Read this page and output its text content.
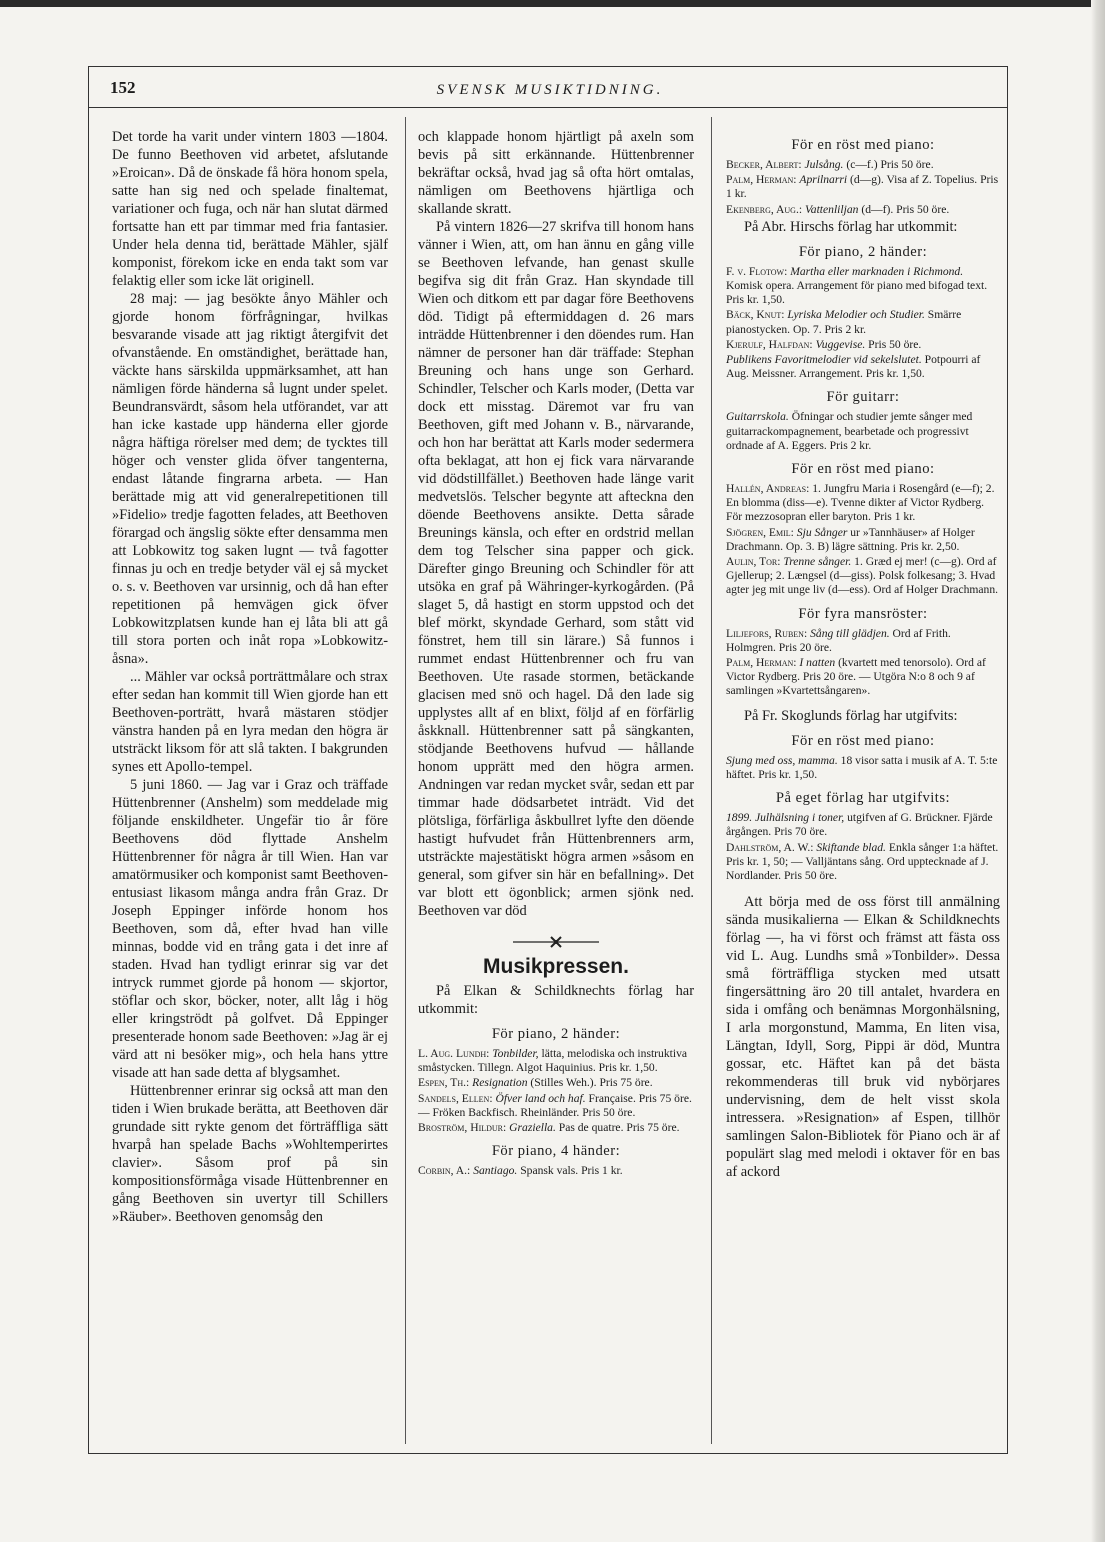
152	SVENSK MUSIKTIDNING.

Det torde ha varit under vintern 1803 —1804. De funno Beethoven vid arbetet, afslutande »Eroican». Då de önskade få höra honom spela, satte han sig ned och spelade finaltemat, variationer och fuga, och när han slutat därmed fortsatte han ett par timmar med fria fantasier. Under hela denna tid, berättade Mähler, själf komponist, förekom icke en enda takt som var felaktig eller som icke lät originell.

28 maj: — jag besökte ånyo Mähler och gjorde honom förfrågningar, hvilkas besvarande visade att jag riktigt återgifvit det ofvanstående. En omständighet, berättade han, väckte hans särskilda uppmärksamhet, att han nämligen förde händerna så lugnt under spelet. Beundransvärdt, såsom hela utförandet, var att han icke kastade upp händerna eller gjorde några häftiga rörelser med dem; de tycktes till höger och venster glida öfver tangenterna, endast låtande fingrarna arbeta. — Han berättade mig att vid generalrepetitionen till »Fidelio» tredje fagotten felades, att Beethoven förargad och ängslig sökte efter densamma men att Lobkowitz tog saken lugnt — två fagotter finnas ju och en tredje betyder väl ej så mycket o. s. v. Beethoven var ursinnig, och då han efter repetitionen på hemvägen gick öfver Lobkowitzplatsen kunde han ej låta bli att gå till stora porten och inåt ropa »Lobkowitz-åsna».

... Mähler var också porträttmålare och strax efter sedan han kommit till Wien gjorde han ett Beethoven-porträtt, hvarå mästaren stödjer vänstra handen på en lyra medan den högra är utsträckt liksom för att slå takten. I bakgrunden synes ett Apollo-tempel.

5 juni 1860. — Jag var i Graz och träffade Hüttenbrenner (Anshelm) som meddelade mig följande enskildheter. Ungefär tio år före Beethovens död flyttade Anshelm Hüttenbrenner för några år till Wien. Han var amatörmusiker och komponist samt Beethoven-entusiast likasom många andra från Graz. Dr Joseph Eppinger införde honom hos Beethoven, som då, efter hvad han ville minnas, bodde vid en trång gata i det inre af staden. Hvad han tydligt erinrar sig var det intryck rummet gjorde på honom — skjortor, stöflar och skor, böcker, noter, allt låg i hög eller kringströdt på golfvet. Då Eppinger presenterade honom sade Beethoven: »Jag är ej värd att ni besöker mig», och hela hans yttre visade att han sade detta af blygsamhet.

Hüttenbrenner erinrar sig också att man den tiden i Wien brukade berätta, att Beethoven där grundade sitt rykte genom det förträffliga sätt hvarpå han spelade Bachs »Wohltemperirtes clavier». Såsom prof på sin kompositionsförmåga visade Hüttenbrenner en gång Beethoven sin uvertyr till Schillers »Räuber». Beethoven genomsåg den

och klappade honom hjärtligt på axeln som bevis på sitt erkännande. Hüttenbrenner bekräftar också, hvad jag så ofta hört omtalas, nämligen om Beethovens hjärtliga och skallande skratt.

På vintern 1826—27 skrifva till honom hans vänner i Wien, att, om han ännu en gång ville se Beethoven lefvande, han genast skulle begifva sig dit från Graz. Han skyndade till Wien och ditkom ett par dagar före Beethovens död. Tidigt på eftermiddagen d. 26 mars inträdde Hüttenbrenner i den döendes rum. Han nämner de personer han där träffade: Stephan Breuning och hans unge son Gerhard. Schindler, Telscher och Karls moder, (Detta var dock ett misstag. Däremot var fru van Beethoven, gift med Johann v. B., närvarande, och hon har berättat att Karls moder sedermera ofta beklagat, att hon ej fick vara närvarande vid dödstillfället.) Beethoven hade länge varit medvetslös. Telscher begynte att afteckna den döende Beethovens ansikte. Detta sårade Breunings känsla, och efter en ordstrid mellan dem tog Telscher sina papper och gick. Därefter gingo Breuning och Schindler för att utsöka en graf på Währinger-kyrkogården. (På slaget 5, då hastigt en storm uppstod och det blef mörkt, skyndade Gerhard, som stått vid fönstret, hem till sin lärare.) Så funnos i rummet endast Hüttenbrenner och fru van Beethoven. Ute rasade stormen, betäckande glacisen med snö och hagel. Då den lade sig upplystes allt af en blixt, följd af en förfärlig åskknall. Hüttenbrenner satt på sängkanten, stödjande Beethovens hufvud — hållande honom upprätt med den högra armen. Andningen var redan mycket svår, sedan ett par timmar hade dödsarbetet inträdt. Vid det plötsliga, förfärliga åskbullret lyfte den döende hastigt hufvudet från Hüttenbrenners arm, utsträckte majestätiskt högra armen »såsom en general, som gifver sin här en befallning». Det var blott ett ögonblick; armen sjönk ned. Beethoven var död

Musikpressen.

På Elkan & Schildknechts förlag har utkommit:

För piano, 2 händer:
L. Aug. Lundh: Tonbilder, lätta, melodiska och instruktiva småstycken. Tillegn. Algot Haquinius. Pris kr. 1,50.
Espen, Th.: Resignation (Stilles Weh.). Pris 75 öre.
Sandels, Ellen: Öfver land och haf. Française. Pris 75 öre. — Fröken Backfisch. Rheinländer. Pris 50 öre.
Broström, Hildur: Graziella. Pas de quatre. Pris 75 öre.
För piano, 4 händer:
Corbin, A.: Santiago. Spansk vals. Pris 1 kr.
För en röst med piano:
Becker, Albert: Julsång. (c—f.) Pris 50 öre.
Palm, Herman: Aprilnarri (d—g). Visa af Z. Topelius. Pris 1 kr.
Ekenberg, Aug.: Vattenliljan (d—f). Pris 50 öre.

På Abr. Hirschs förlag har utkommit:

För piano, 2 händer:
F. v. Flotow: Martha eller marknaden i Richmond. Komisk opera. Arrangement för piano med bifogad text. Pris kr. 1,50.
Bäck, Knut: Lyriska Melodier och Studier. Smärre pianostycken. Op. 7. Pris 2 kr.
Kjerulf, Halfdan: Vuggevise. Pris 50 öre.
Publikens Favoritmelodier vid sekelslutet. Potpourri af Aug. Meissner. Arrangement. Pris kr. 1,50.
För guitarr:
Guitarrskola. Öfningar och studier jemte sånger med guitarrackompagnement, bearbetade och progressivt ordnade af A. Eggers. Pris 2 kr.
För en röst med piano:
Hallén, Andreas: 1. Jungfru Maria i Rosengård (e—f); 2. En blomma (diss—e). Tvenne dikter af Victor Rydberg. För mezzosopran eller baryton. Pris 1 kr.
Sjögren, Emil: Sju Sånger ur »Tannhäuser» af Holger Drachmann. Op. 3. B) lägre sättning. Pris kr. 2,50.
Aulin, Tor: Trenne sånger. 1. Græd ej mer! (c—g). Ord af Gjellerup; 2. Længsel (d—giss). Polsk folkesang; 3. Hvad agter jeg mit unge liv (d—ess). Ord af Holger Drachmann.
För fyra mansröster:
Liljefors, Ruben: Sång till glädjen. Ord af Frith. Holmgren. Pris 20 öre.
Palm, Herman: I natten (kvartett med tenorsolo). Ord af Victor Rydberg. Pris 20 öre. — Utgöra N:o 8 och 9 af samlingen »Kvartettsångaren».

På Fr. Skoglunds förlag har utgifvits:

För en röst med piano:
Sjung med oss, mamma. 18 visor satta i musik af A. T. 5:te häftet. Pris kr. 1,50.
På eget förlag har utgifvits:
1899. Julhälsning i toner, utgifven af G. Brückner. Fjärde årgången. Pris 70 öre.
Dahlström, A. W.: Skiftande blad. Enkla sånger 1:a häftet. Pris kr. 1, 50; — Valljäntans sång. Ord upptecknade af J. Nordlander. Pris 50 öre.

Att börja med de oss först till anmälning sända musikalierna — Elkan & Schildknechts förlag —, ha vi först och främst att fästa oss vid L. Aug. Lundhs små »Tonbilder». Dessa små förträffliga stycken med utsatt fingersättning äro 20 till antalet, hvardera en sida i omfång och benämnas Morgonhälsning, I arla morgonstund, Mamma, En liten visa, Längtan, Idyll, Sorg, Pippi är död, Muntra gossar, etc. Häftet kan på det bästa rekommenderas till bruk vid nybörjares undervisning, dem de helt visst skola intressera. »Resignation» af Espen, tillhör samlingen Salon-Bibliotek för Piano och är af populärt slag med melodi i oktaver för en bas af ackord
